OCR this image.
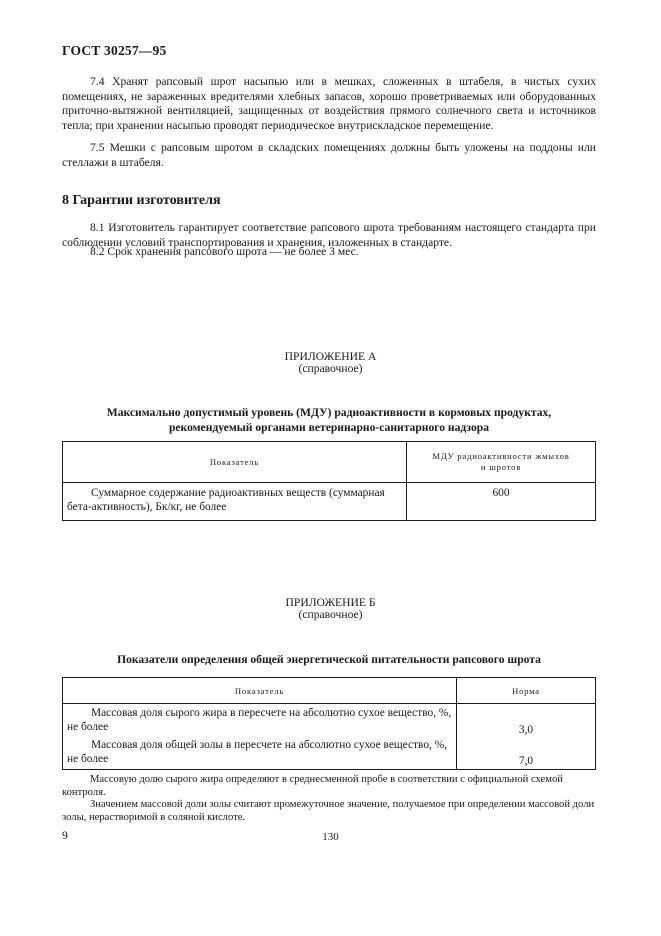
ГОСТ 30257—95

7.4 Хранят рапсовый шрот насыпью или в мешках, сложенных в штабеля, в чистых сухих помещениях, не зараженных вредителями хлебных запасов, хорошо проветриваемых или оборудованных приточно-вытяжной вентиляцией, защищенных от воздействия прямого солнечного света и источников тепла; при хранении насыпью проводят периодическое внутрискладское перемещение.

7.5 Мешки с рапсовым шротом в складских помещениях должны быть уложены на поддоны или стеллажи в штабеля.

8 Гарантии изготовителя

8.1 Изготовитель гарантирует соответствие рапсового шрота требованиям настоящего стандарта при соблюдении условий транспортирования и хранения, изложенных в стандарте.

8.2 Срок хранения рапсового шрота — не более 3 мес.

ПРИЛОЖЕНИЕ А
(справочное)
Максимально допустимый уровень (МДУ) радиоактивности в кормовых продуктах,
рекомендуемый органами ветеринарно-санитарного надзора
Показатель	МДУ радиоактивности жмыхов
и шротов

Суммарное содержание радиоактивных веществ (суммарная бета-активность), Бк/кг, не более	600
ПРИЛОЖЕНИЕ Б
(справочное)
Показатели определения общей энергетической питательности рапсового шрота
Показатель	Норма
Массовая доля сырого жира в пересчете на абсолютно сухое вещество, %, не более	3,0
Массовая доля общей золы в пересчете на абсолютно сухое вещество, %, не более	7,0

Массовую долю сырого жира определяют в среднесменной пробе в соответствии с официальной схемой контроля.

Значением массовой доли золы считают промежуточное значение, получаемое при определении массовой доли золы, нерастворимой в соляной кислоте.

9	130
